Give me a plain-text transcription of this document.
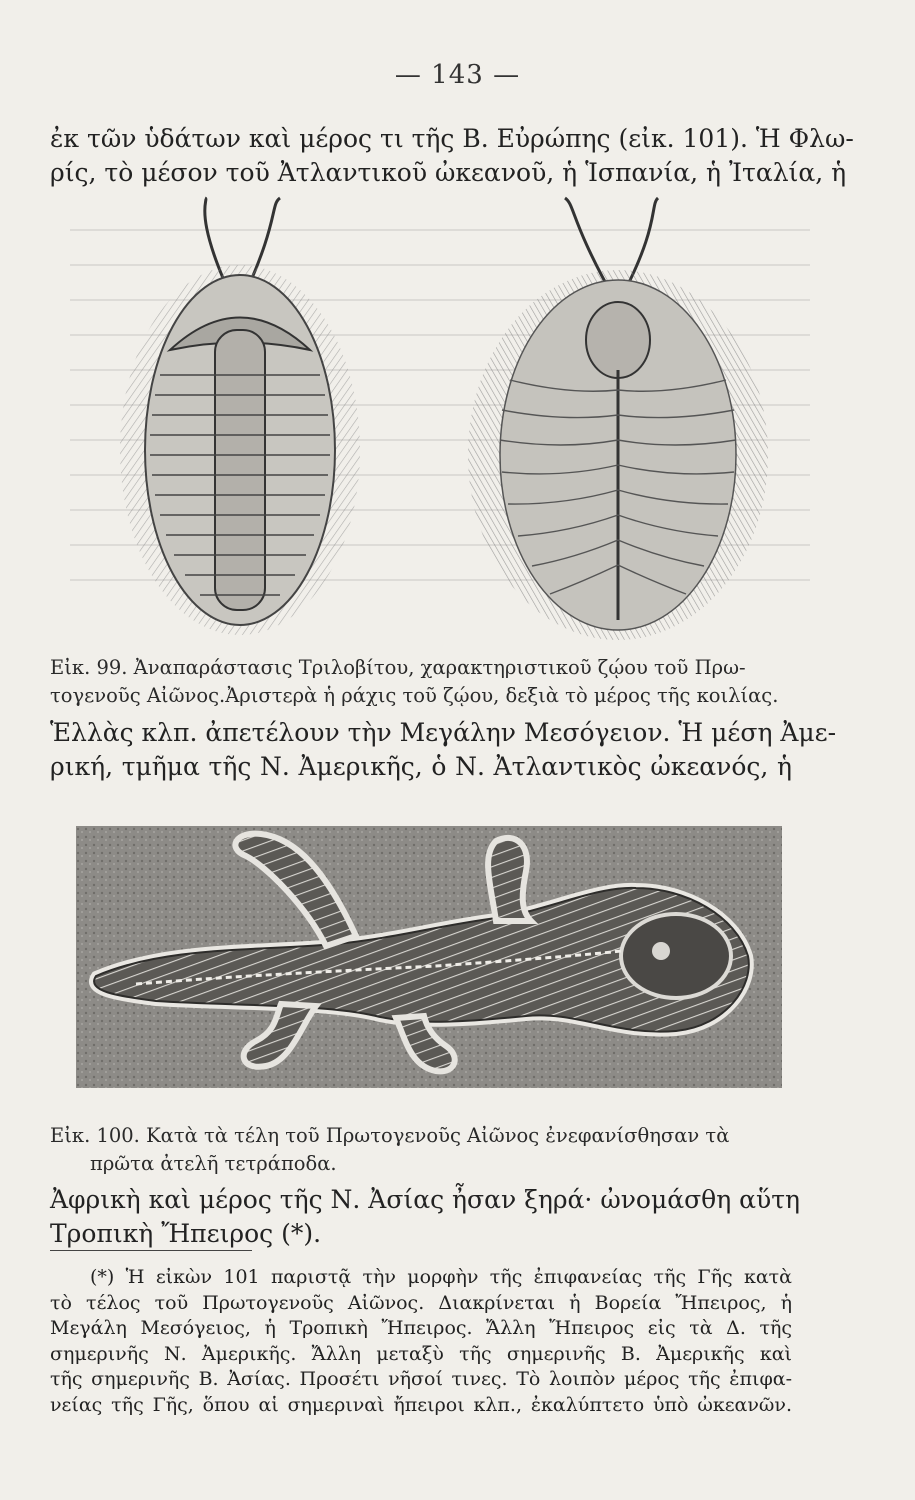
— 143 —
ἐκ τῶν ὑδάτων καὶ μέρος τι τῆς Β. Εὐρώπης (εἰκ. 101). Ἡ Φλω-
ρίς, τὸ μέσον τοῦ Ἀτλαντικοῦ ὠκεανοῦ, ἡ Ἱσπανία, ἡ Ἰταλία, ἡ
Εἰκ. 99. Ἀναπαράστασις Τριλοβίτου, χαρακτηριστικοῦ ζῴου τοῦ Πρω-
τογενοῦς Αἰῶνος.Ἀριστερὰ ἡ ράχις τοῦ ζῴου, δεξιὰ τὸ μέρος τῆς κοιλίας.
Ἑλλὰς κλπ. ἀπετέλουν τὴν Μεγάλην Μεσόγειον. Ἡ μέση Ἀμε-
ρική, τμῆμα τῆς Ν. Ἀμερικῆς, ὁ Ν. Ἀτλαντικὸς ὠκεανός, ἡ
Εἰκ. 100. Κατὰ τὰ τέλη τοῦ Πρωτογενοῦς Αἰῶνος ἐνεφανίσθησαν τὰ
πρῶτα ἀτελῆ τετράποδα.
Ἀφρικὴ καὶ μέρος τῆς Ν. Ἀσίας ἦσαν ξηρά· ὠνομάσθη αὕτη
Τροπικὴ Ἤπειρος (*).
(*) Ἡ εἰκὼν 101 παριστᾷ τὴν μορφὴν τῆς ἐπιφανείας τῆς Γῆς κατὰ
τὸ τέλος τοῦ Πρωτογενοῦς Αἰῶνος. Διακρίνεται ἡ Βορεία Ἤπειρος, ἡ
Μεγάλη Μεσόγειος, ἡ Τροπικὴ Ἤπειρος. Ἄλλη Ἤπειρος εἰς τὰ Δ. τῆς
σημερινῆς Ν. Ἀμερικῆς. Ἄλλη μεταξὺ τῆς σημερινῆς Β. Ἀμερικῆς καὶ
τῆς σημερινῆς Β. Ἀσίας. Προσέτι νῆσοί τινες. Τὸ λοιπὸν μέρος τῆς ἐπιφα-
νείας τῆς Γῆς, ὅπου αἱ σημεριναὶ ἤπειροι κλπ., ἐκαλύπτετο ὑπὸ ὠκεανῶν.
